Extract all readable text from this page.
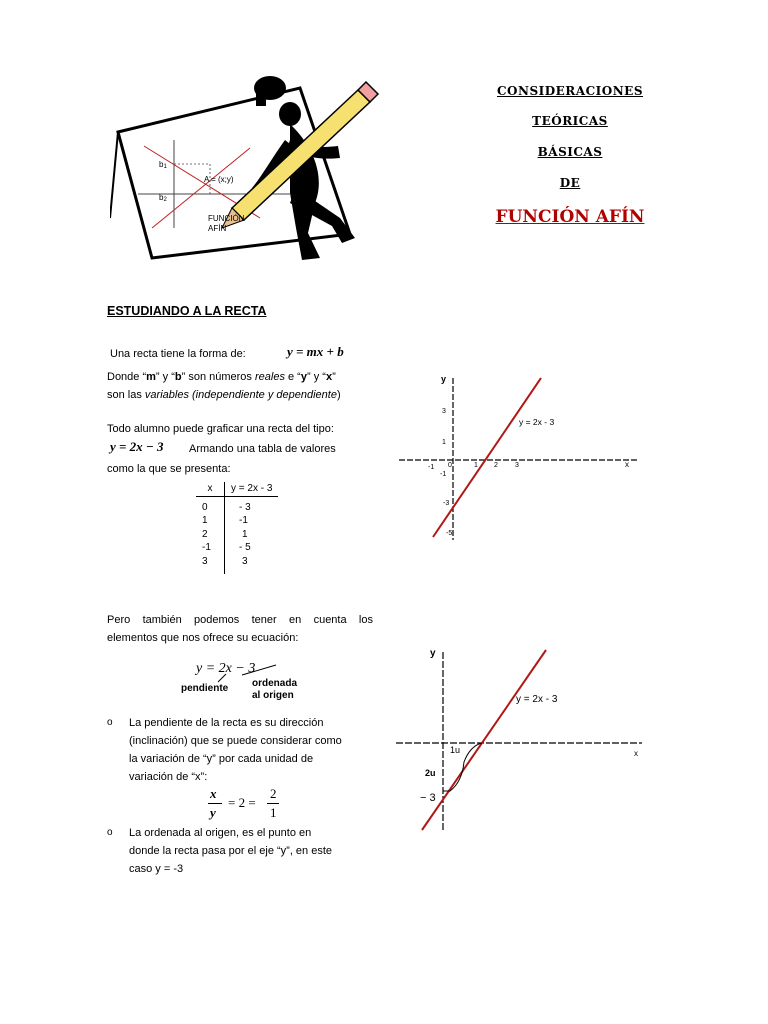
b1
b2
A = (x;y)
FUNCIÓN
AFÍN
CONSIDERACIONES
TEÓRICAS
BÁSICAS
DE
FUNCIÓN AFÍN
ESTUDIANDO A LA RECTA
Una recta tiene la forma de:	y = mx + b
Donde “m” y “b” son números reales e “y” y “x”
son las variables (independiente y dependiente)
Todo alumno puede graficar una recta del tipo:
y = 2x − 3 Armando una tabla de valores
como la que se presenta:
x	y = 2x - 3
0	- 3
1	-1
2	1
-1	- 5
3	3
y
x
y = 2x - 3
3
1
-1
-3
-5
-1 0	1 2 3
Pero también podemos tener en cuenta los
elementos que nos ofrece su ecuación:
y = 2x − 3
pendiente ordenada
al origen
o La pendiente de la recta es su dirección
(inclinación) que se puede considerar como
la variación de “y” por cada unidad de
variación de “x”:
x
y
= 2 =
2
1
o La ordenada al origen, es el punto en
donde la recta pasa por el eje “y”, en este
caso y = -3
y
x
y = 2x - 3
1u
2u
− 3
